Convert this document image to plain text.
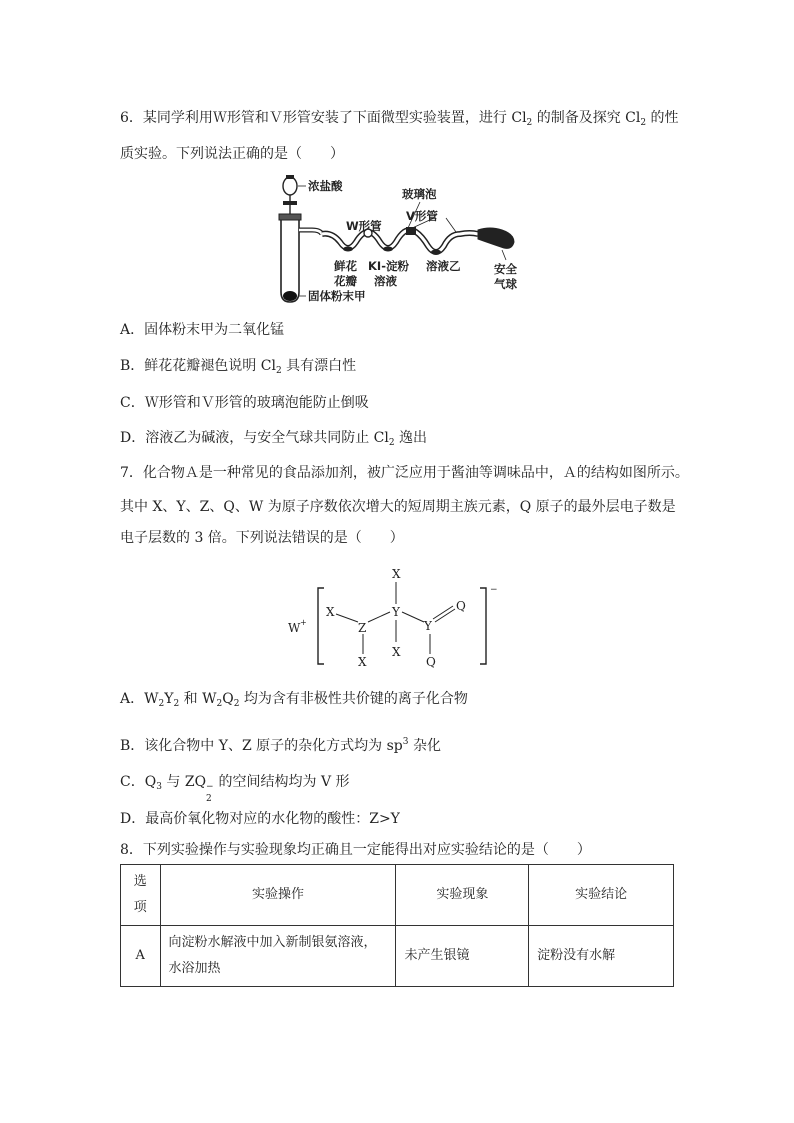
6．某同学利用Ｗ形管和Ｖ形管安装了下面微型实验装置，进行 $Cl_2$ 的制备及探究 $Cl_2$ 的性
质实验。下列说法正确的是（　　）
浓盐酸
玻璃泡
W形管
V形管
鲜花
花瓣
KI-淀粉
溶液
溶液乙	安全
气球
固体粉末甲
A．固体粉末甲为二氧化锰
B．鲜花花瓣褪色说明 $Cl_2$ 具有漂白性
C．Ｗ形管和Ｖ形管的玻璃泡能防止倒吸
D．溶液乙为碱液，与安全气球共同防止 $Cl_2$ 逸出
7．化合物Ａ是一种常见的食品添加剂，被广泛应用于酱油等调味品中，Ａ的结构如图所示。
其中 X、Y、Z、Q、W 为原子序数依次增大的短周期主族元素，Q 原子的最外层电子数是
电子层数的 3 倍。下列说法错误的是（　　）
W +
−
X
Y
X
Z
X
X
Y
Q
Q
A．$W_2Y_2$ 和 $W_2Q_2$ 均为含有非极性共价键的离子化合物
B．该化合物中 Y、Z 原子的杂化方式均为 $sp^3$ 杂化
C．$Q_3$ 与 ZQ −
2
的空间结构均为 V 形
D．最高价氧化物对应的水化物的酸性：Z>Y
8．下列实验操作与实验现象均正确且一定能得出对应实验结论的是（　　）
选
项	实验操作	实验现象	实验结论
A	向淀粉水解液中加入新制银氨溶液，
水浴加热	未产生银镜	淀粉没有水解
